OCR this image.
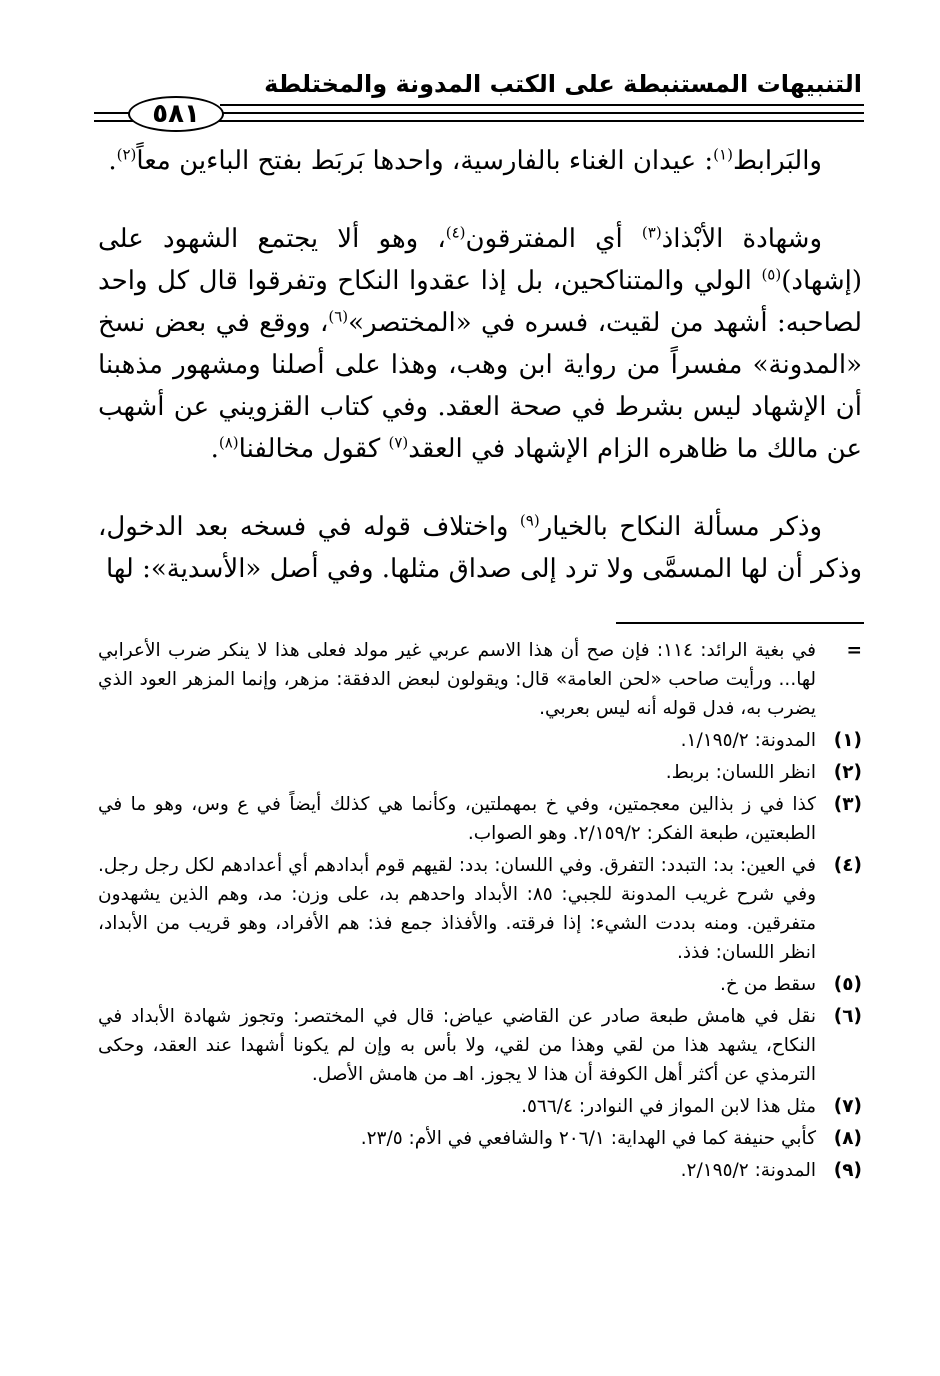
التنبيهات المستنبطة على الكتب المدونة والمختلطة
٥٨١

والبَرابط$^{(١)}$: عيدان الغناء بالفارسية، واحدها بَربَط بفتح الباءين معاً$^{(٢)}$.

وشهادة الأبْذاذ$^{(٣)}$ أي المفترقون$^{(٤)}$، وهو ألا يجتمع الشهود على (إشهاد)$^{(٥)}$ الولي والمتناكحين، بل إذا عقدوا النكاح وتفرقوا قال كل واحد لصاحبه: أشهد من لقيت، فسره في «المختصر»$^{(٦)}$، ووقع في بعض نسخ «المدونة» مفسراً من رواية ابن وهب، وهذا على أصلنا ومشهور مذهبنا أن الإشهاد ليس بشرط في صحة العقد. وفي كتاب القزويني عن أشهب عن مالك ما ظاهره الزام الإشهاد في العقد$^{(٧)}$ كقول مخالفنا$^{(٨)}$.

وذكر مسألة النكاح بالخيار$^{(٩)}$ واختلاف قوله في فسخه بعد الدخول، وذكر أن لها المسمَّى ولا ترد إلى صداق مثلها. وفي أصل «الأسدية»: لها

=
في بغية الرائد: ١١٤: فإن صح أن هذا الاسم عربي غير مولد فعلى هذا لا ينكر ضرب الأعرابي لها... ورأيت صاحب «لحن العامة» قال: ويقولون لبعض الدفقة: مزهر، وإنما المزهر العود الذي يضرب به، فدل قوله أنه ليس بعربي.
(١)
المدونة: ١/١٩٥/٢.
(٢)
انظر اللسان: بربط.
(٣)
كذا في ز بذالين معجمتين، وفي خ بمهملتين، وكأنما هي كذلك أيضاً في ع وس، وهو ما في الطبعتين، طبعة الفكر: ٢/١٥٩/٢. وهو الصواب.
(٤)
في العين: بد: التبدد: التفرق. وفي اللسان: بدد: لقيهم قوم أبدادهم أي أعدادهم لكل رجل رجل. وفي شرح غريب المدونة للجبي: ٨٥: الأبداد واحدهم بد، على وزن: مد، وهم الذين يشهدون متفرقين. ومنه بددت الشيء: إذا فرقته. والأفذاذ جمع فذ: هم الأفراد، وهو قريب من الأبداد، انظر اللسان: فذذ.
(٥)
سقط من خ.
(٦)
نقل في هامش طبعة صادر عن القاضي عياض: قال في المختصر: وتجوز شهادة الأبداد في النكاح، يشهد هذا من لقي وهذا من لقي، ولا بأس به وإن لم يكونا أشهدا عند العقد، وحكى الترمذي عن أكثر أهل الكوفة أن هذا لا يجوز. اهـ من هامش الأصل.
(٧)
مثل هذا لابن المواز في النوادر: ٥٦٦/٤.
(٨)
كأبي حنيفة كما في الهداية: ٢٠٦/١ والشافعي في الأم: ٢٣/٥.
(٩)
المدونة: ٢/١٩٥/٢.
